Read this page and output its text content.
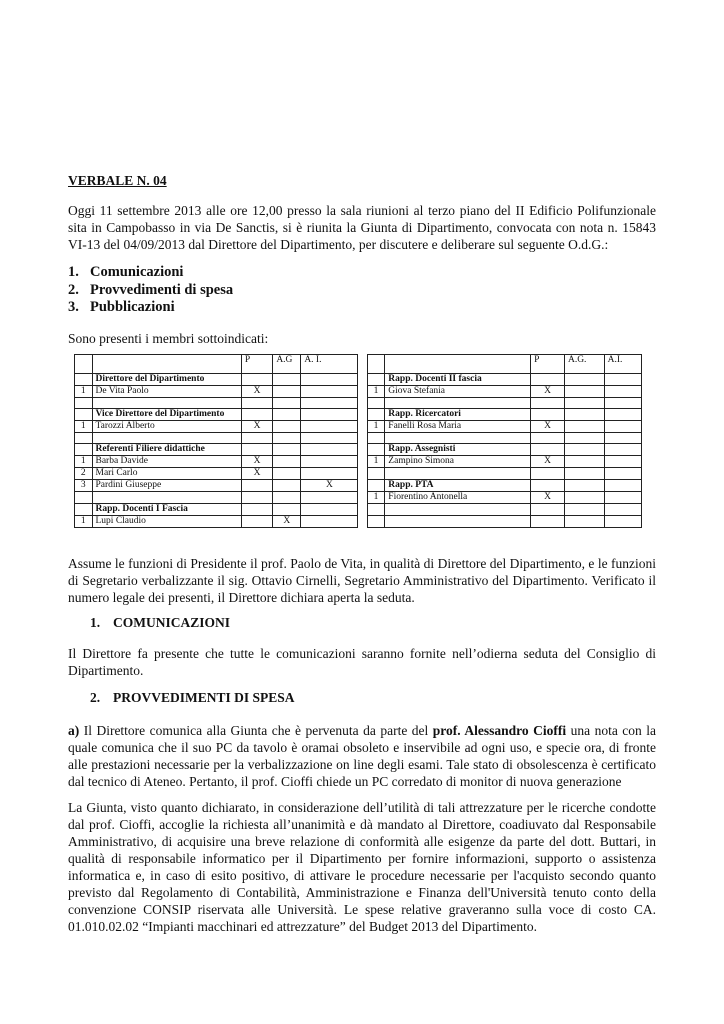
VERBALE N. 04

Oggi 11 settembre 2013 alle ore 12,00 presso la sala riunioni al terzo piano del II Edificio Polifunzionale sita in Campobasso in via De Sanctis, si è riunita la Giunta di Dipartimento, convocata con nota n. 15843 VI-13 del 04/09/2013 dal Direttore del Dipartimento, per discutere e deliberare sul seguente O.d.G.:

1. Comunicazioni
2. Provvedimenti di spesa
3. Pubblicazioni
Sono presenti i membri sottoindicati:
		P	A.G	A. I.				P	A.G.	A.I.
	Direttore del Dipartimento						Rapp. Docenti II fascia			
1	De Vita Paolo	X				1	Giova Stefania	X		

	Vice Direttore del Dipartimento						Rapp. Ricercatori			
1	Tarozzi Alberto	X				1	Fanelli Rosa Maria	X		

	Referenti Filiere didattiche						Rapp. Assegnisti			
1	Barba Davide	X				1	Zampino Simona	X		
2	Mari Carlo	X								
3	Pardini Giuseppe			X			Rapp. PTA			
						1	Fiorentino Antonella	X		
	Rapp. Docenti I Fascia									
1	Lupi Claudio		X							

Assume le funzioni di Presidente il prof. Paolo de Vita, in qualità di Direttore del Dipartimento, e le funzioni di Segretario verbalizzante il sig. Ottavio Cirnelli, Segretario Amministrativo del Dipartimento. Verificato il numero legale dei presenti, il Direttore dichiara aperta la seduta.

1. COMUNICAZIONI

Il Direttore fa presente che tutte le comunicazioni saranno fornite nell’odierna seduta del Consiglio di Dipartimento.

2. PROVVEDIMENTI DI SPESA

a) Il Direttore comunica alla Giunta che è pervenuta da parte del prof. Alessandro Cioffi una nota con la quale comunica che il suo PC da tavolo è oramai obsoleto e inservibile ad ogni uso, e specie ora, di fronte alle prestazioni necessarie per la verbalizzazione on line degli esami. Tale stato di obsolescenza è certificato dal tecnico di Ateneo. Pertanto, il prof. Cioffi chiede un PC corredato di monitor di nuova generazione

La Giunta, visto quanto dichiarato, in considerazione dell’utilità di tali attrezzature per le ricerche condotte dal prof. Cioffi, accoglie la richiesta all’unanimità e dà mandato al Direttore, coadiuvato dal Responsabile Amministrativo, di acquisire una breve relazione di conformità alle esigenze da parte del dott. Buttari, in qualità di responsabile informatico per il Dipartimento per fornire informazioni, supporto o assistenza informatica e, in caso di esito positivo, di attivare le procedure necessarie per l'acquisto secondo quanto previsto dal Regolamento di Contabilità, Amministrazione e Finanza dell'Università tenuto conto della convenzione CONSIP riservata alle Università. Le spese relative graveranno sulla voce di costo CA. 01.010.02.02 “Impianti macchinari ed attrezzature” del Budget 2013 del Dipartimento.
